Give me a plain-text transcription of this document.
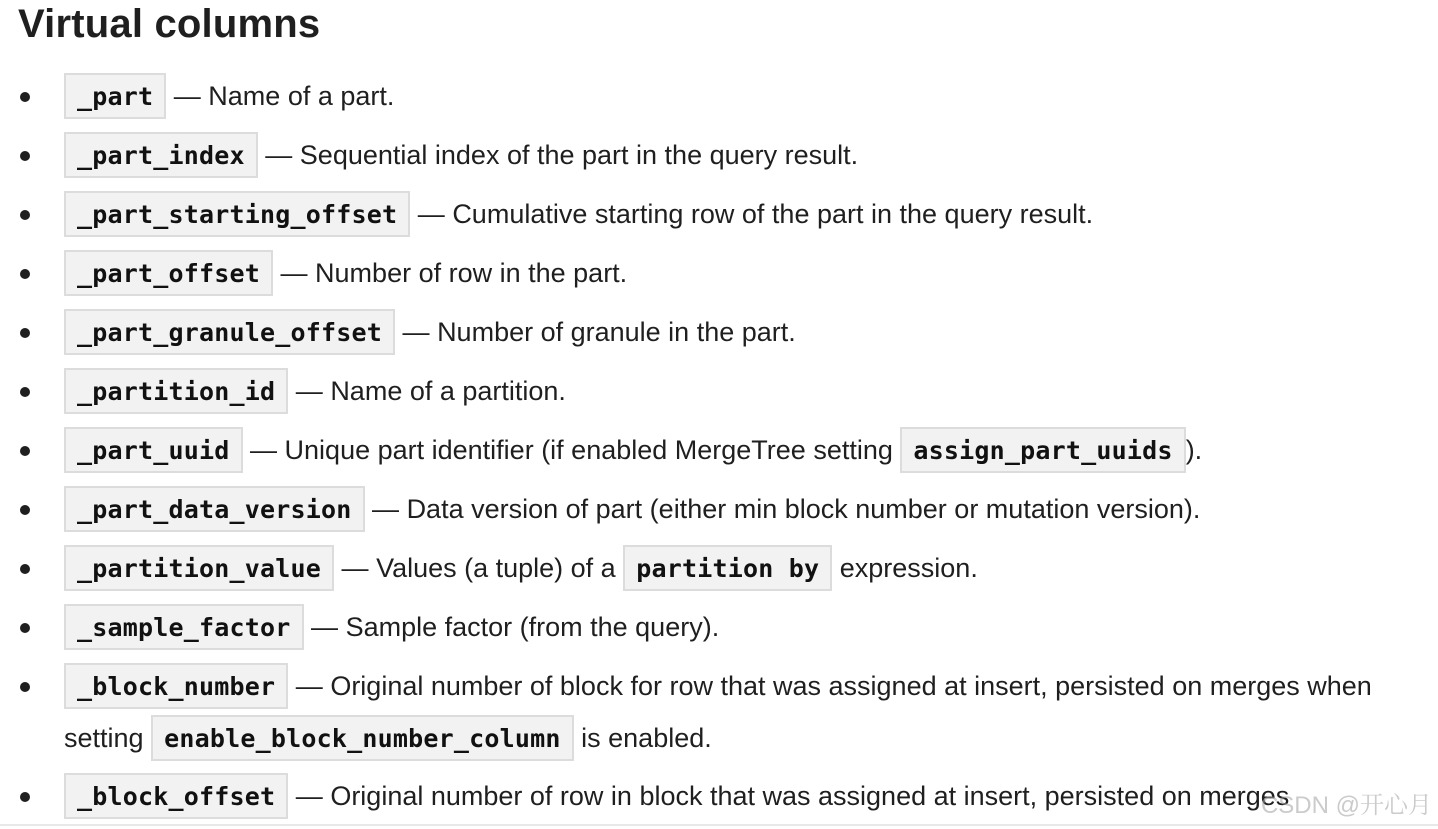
Virtual columns
_part — Name of a part.
_part_index — Sequential index of the part in the query result.
_part_starting_offset — Cumulative starting row of the part in the query result.
_part_offset — Number of row in the part.
_part_granule_offset — Number of granule in the part.
_partition_id — Name of a partition.
_part_uuid — Unique part identifier (if enabled MergeTree setting assign_part_uuids ).
_part_data_version — Data version of part (either min block number or mutation version).
_partition_value — Values (a tuple) of a partition by expression.
_sample_factor — Sample factor (from the query).
_block_number — Original number of block for row that was assigned at insert, persisted on merges when setting enable_block_number_column is enabled.
_block_offset — Original number of row in block that was assigned at insert, persisted on merges
CSDN @开心月
